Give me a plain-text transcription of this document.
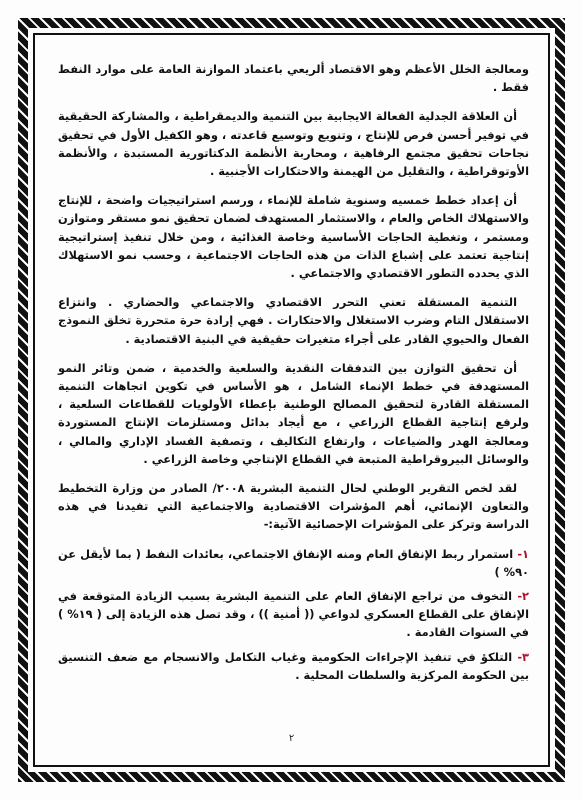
ومعالجة الخلل الأعظم وهو الاقتصاد ألريعي باعتماد الموازنة العامة على موارد النفط فقط .

أن العلاقة الجدلية الفعالة الايجابية بين التنمية والديمقراطية ، والمشاركة الحقيقية في توفير أحسن فرص للإنتاج ، وتنويع وتوسيع قاعدته ، وهو الكفيل الأول في تحقيق نجاحات تحقيق مجتمع الرفاهية ، ومحاربة الأنظمة الدكتاتورية المستبدة ، والأنظمة الأوتوقراطية ، والتقليل من الهيمنة والاحتكارات الأجنبية .

أن إعداد خطط خمسيه وسنوية شاملة للإنماء ، ورسم استراتيجيات واضحة ، للإنتاج والاستهلاك الخاص والعام ، والاستثمار المستهدف لضمان تحقيق نمو مستقر ومتوازن ومستمر ، وتغطية الحاجات الأساسية وخاصة الغذائية ، ومن خلال تنفيذ إستراتيجية إنتاجية تعتمد على إشباع الذات من هذه الحاجات الاجتماعية ، وحسب نمو الاستهلاك الذي يحدده التطور الاقتصادي والاجتماعي .

التنمية المستقلة تعني التحرر الاقتصادي والاجتماعي والحضاري . وانتزاع الاستقلال التام وضرب الاستغلال والاحتكارات . فهي إرادة حرة متحررة تخلق النموذج الفعال والحيوي القادر على أجراء متغيرات حقيقية في البنية الاقتصادية .

أن تحقيق التوازن بين التدفقات النقدية والسلعية والخدمية ، ضمن وتائر النمو المستهدفة في خطط الإنماء الشامل ، هو الأساس في تكوين اتجاهات التنمية المستقلة القادرة لتحقيق المصالح الوطنية بإعطاء الأولويات للقطاعات السلعية ، ولرفع إنتاجية القطاع الزراعي ، مع أيجاد بدائل ومستلزمات الإنتاج المستوردة ومعالجة الهدر والضياعات ، وارتفاع التكاليف ، وتصفية الفساد الإداري والمالي ، والوسائل البيروقراطية المتبعة في القطاع الإنتاجي وخاصة الزراعي .

لقد لخص التقرير الوطني لحال التنمية البشرية ٢٠٠٨/ الصادر من وزارة التخطيط والتعاون الإنمائي، أهم المؤشرات الاقتصادية والاجتماعية التي تفيدنا في هذه الدراسة وتركز على المؤشرات الإحصائية الآتية:-

١- استمرار ربط الإنفاق العام ومنه الإنفاق الاجتماعي، بعائدات النفط ( بما لأيقل عن ٩٠% )
٢- التخوف من تراجع الإنفاق العام على التنمية البشرية بسبب الزيادة المتوقعة في الإنفاق على القطاع العسكري لدواعي (( أمنية )) ، وقد تصل هذه الزيادة إلى ( ١٩% ) في السنوات القادمة .
٣- التلكؤ في تنفيذ الإجراءات الحكومية وغياب التكامل والانسجام مع ضعف التنسيق بين الحكومة المركزية والسلطات المحلية .
٢
